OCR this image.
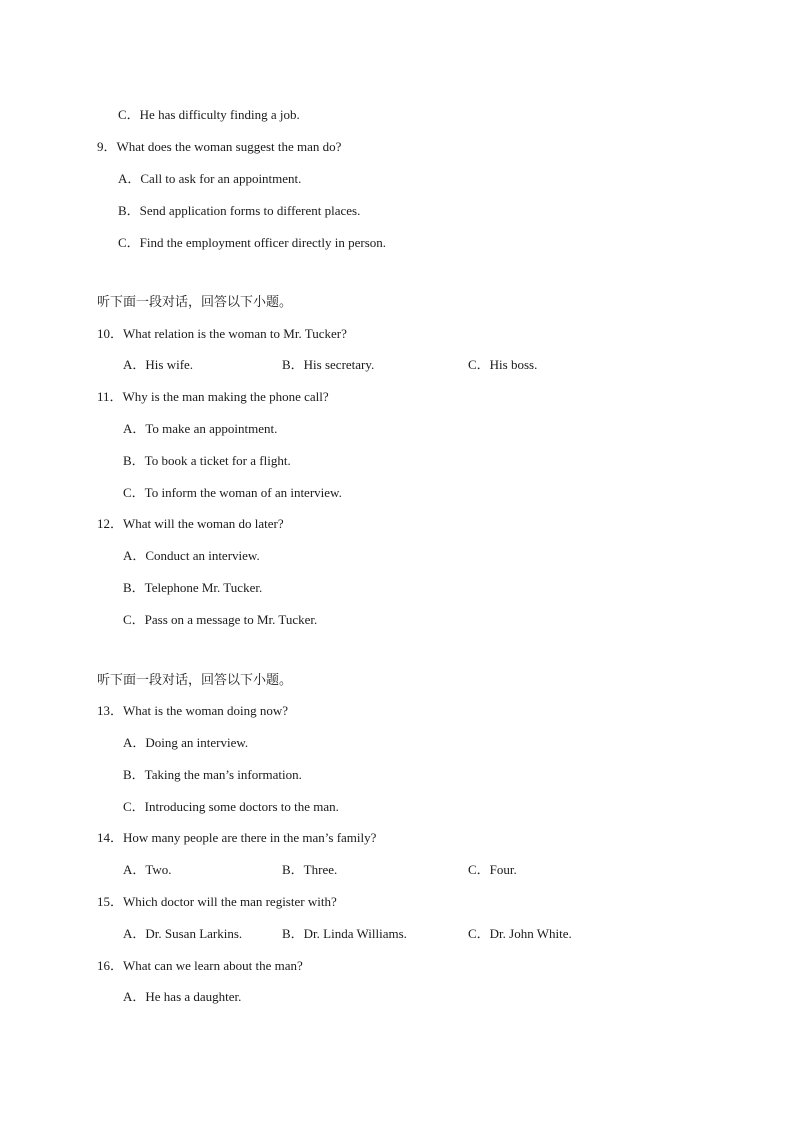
C．He has difficulty finding a job.
9．What does the woman suggest the man do?
A．Call to ask for an appointment.
B．Send application forms to different places.
C．Find the employment officer directly in person.
听下面一段对话，回答以下小题。
10．What relation is the woman to Mr. Tucker?
A．His wife.	B．His secretary.	C．His boss.
11．Why is the man making the phone call?
A．To make an appointment.
B．To book a ticket for a flight.
C．To inform the woman of an interview.
12．What will the woman do later?
A．Conduct an interview.
B．Telephone Mr. Tucker.
C．Pass on a message to Mr. Tucker.
听下面一段对话，回答以下小题。
13．What is the woman doing now?
A．Doing an interview.
B．Taking the man’s information.
C．Introducing some doctors to the man.
14．How many people are there in the man’s family?
A．Two.	B．Three.	C．Four.
15．Which doctor will the man register with?
A．Dr. Susan Larkins.	B．Dr. Linda Williams.	C．Dr. John White.
16．What can we learn about the man?
A．He has a daughter.
